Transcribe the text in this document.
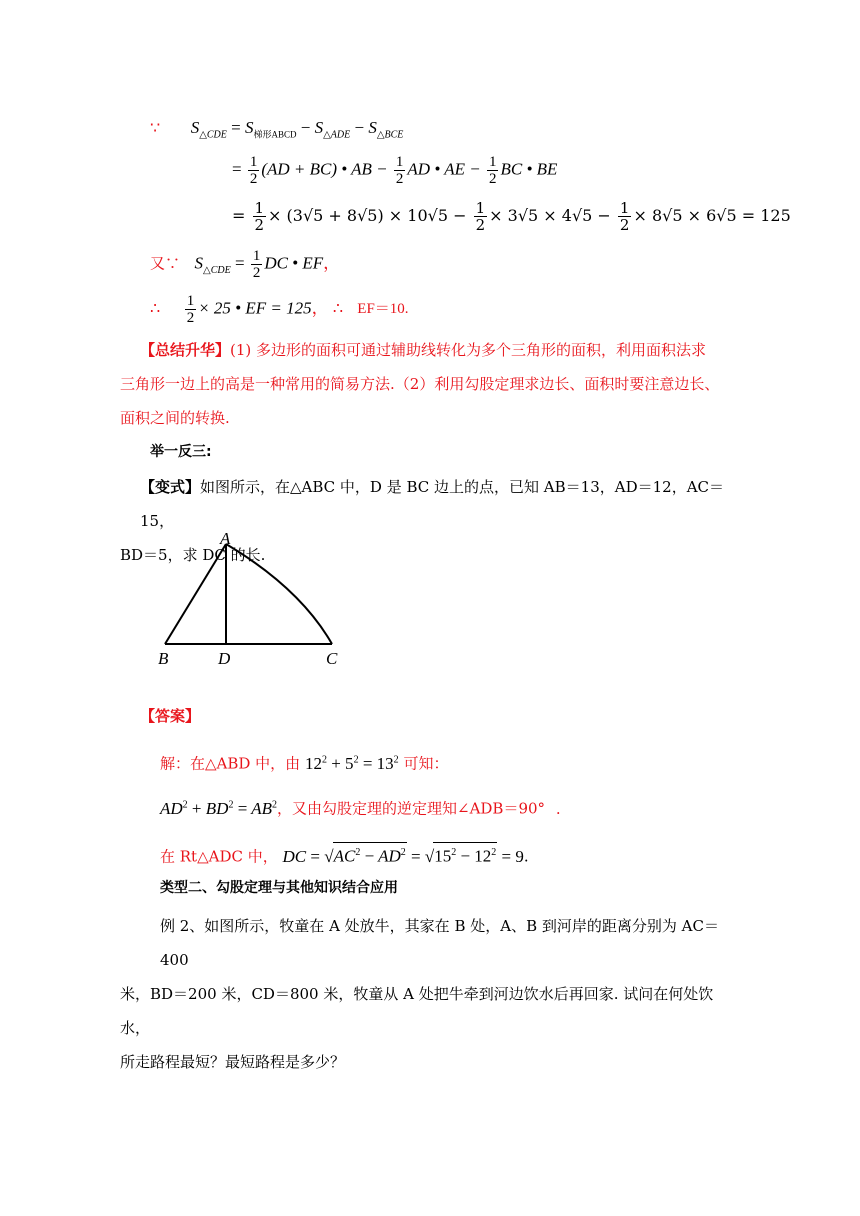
∵ $S_{\triangle CDE} = S_{梯形ABCD} - S_{\triangle ADE} - S_{\triangle BCE}$
= $\frac{1}{2} (AD + BC)$ • AB − $\frac{1}{2}$ AD • AE − $\frac{1}{2}$ BC • BE
= $\frac{1}{2} \times (3√5 + 8√5) \times 10√5 - \frac{1}{2} \times 3√5 \times 4√5 - \frac{1}{2} \times 8√5 \times 6√5 = 125$
又∵ $S_{\triangle CDE} = \frac{1}{2}$ DC • EF，
∴ $\frac{1}{2} \times 25$ • EF = 125， ∴ EF＝10.
【总结升华】(1) 多边形的面积可通过辅助线转化为多个三角形的面积，利用面积法求
三角形一边上的高是一种常用的简易方法.（2）利用勾股定理求边长、面积时要注意边长、
面积之间的转换.
举一反三:
【变式】如图所示，在△ABC 中，D 是 BC 边上的点，已知 AB＝13，AD＝12，AC＝15，
BD＝5，求 DC 的长.
A
B	D	C
【答案】
解：在△ABD 中，由 $12^2 + 5^2 = 13^2$ 可知：
$AD^2 + BD^2 = AB^2$，又由勾股定理的逆定理知∠ADB＝90° .
在 Rt△ADC 中， DC = $√AC^2 - AD^2 = √15^2 - 12^2 = 9$.
类型二、勾股定理与其他知识结合应用
例 2、如图所示，牧童在 A 处放牛，其家在 B 处，A、B 到河岸的距离分别为 AC＝400
米，BD＝200 米，CD＝800 米，牧童从 A 处把牛牵到河边饮水后再回家. 试问在何处饮水，
所走路程最短？最短路程是多少？
